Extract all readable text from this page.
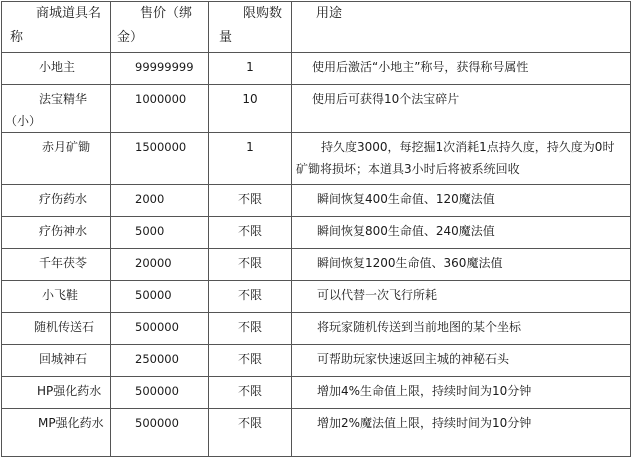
商城道具名称	售价（绑金）	限购数量	用途
小地主	99999999	1	使用后激活“小地主”称号，获得称号属性
法宝精华（小）	1000000	10	使用后可获得10个法宝碎片
赤月矿锄	1500000	1	持久度3000，每挖掘1次消耗1点持久度，持久度为0时矿锄将损坏；本道具3小时后将被系统回收
疗伤药水	2000	不限	瞬间恢复400生命值、120魔法值
疗伤神水	5000	不限	瞬间恢复800生命值、240魔法值
千年茯苓	20000	不限	瞬间恢复1200生命值、360魔法值
小飞鞋	50000	不限	可以代替一次飞行所耗
随机传送石	500000	不限	将玩家随机传送到当前地图的某个坐标
回城神石	250000	不限	可帮助玩家快速返回主城的神秘石头
HP强化药水	500000	不限	增加4%生命值上限，持续时间为10分钟
MP强化药水	500000	不限	增加2%魔法值上限，持续时间为10分钟
